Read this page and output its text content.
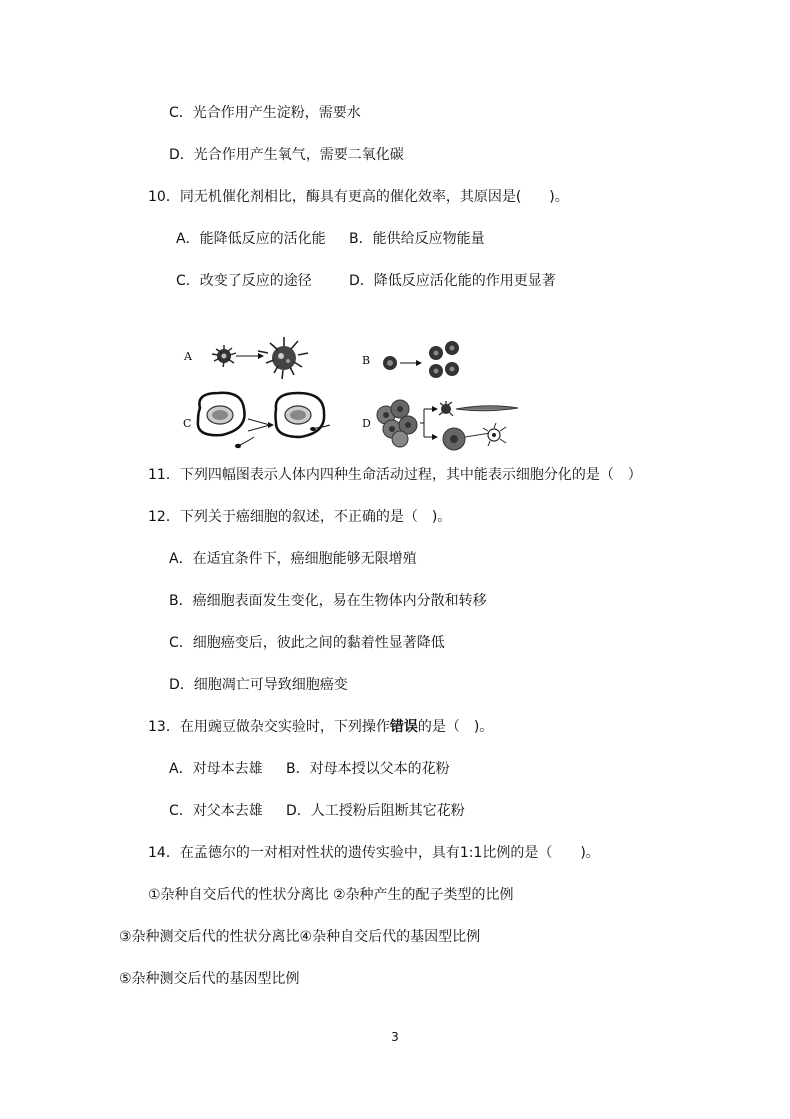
C．光合作用产生淀粉，需要水
D．光合作用产生氧气，需要二氧化碳
10．同无机催化剂相比，酶具有更高的催化效率，其原因是(　　)。
A．能降低反应的活化能 B．能供给反应物能量
C．改变了反应的途径	D．降低反应活化能的作用更显著
A	B
C	D
11．下列四幅图表示人体内四种生命活动过程，其中能表示细胞分化的是（　）
12．下列关于癌细胞的叙述，不正确的是（　)。
A．在适宜条件下，癌细胞能够无限增殖
B．癌细胞表面发生变化，易在生物体内分散和转移
C．细胞癌变后，彼此之间的黏着性显著降低
D．细胞凋亡可导致细胞癌变
13．在用豌豆做杂交实验时，下列操作错误的是（　)。
A．对母本去雄 B．对母本授以父本的花粉
C．对父本去雄 D．人工授粉后阻断其它花粉
14．在孟德尔的一对相对性状的遗传实验中，具有1:1比例的是（　　)。
①杂种自交后代的性状分离比 ②杂种产生的配子类型的比例
③杂种测交后代的性状分离比④杂种自交后代的基因型比例
⑤杂种测交后代的基因型比例
3
